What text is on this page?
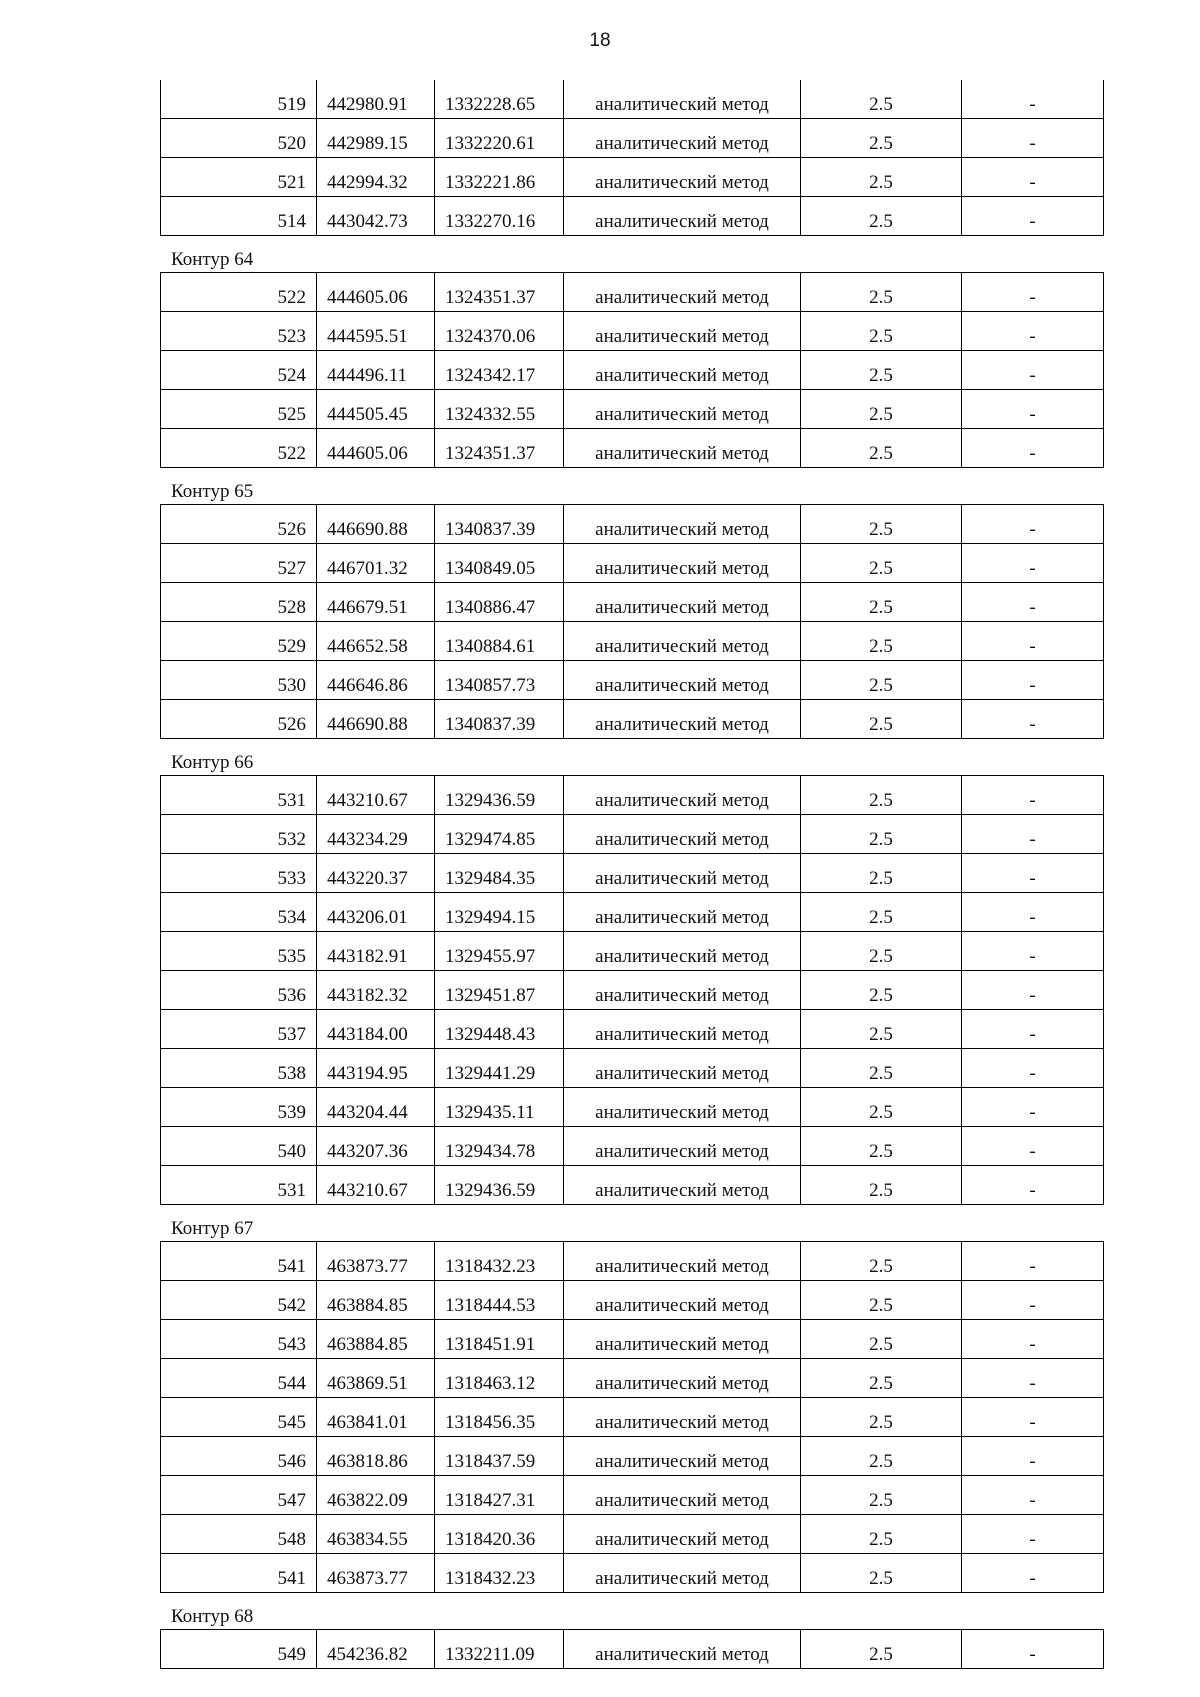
18
519	442980.91	1332228.65	аналитический метод	2.5	-
520	442989.15	1332220.61	аналитический метод	2.5	-
521	442994.32	1332221.86	аналитический метод	2.5	-
514	443042.73	1332270.16	аналитический метод	2.5	-
Контур 64
522	444605.06	1324351.37	аналитический метод	2.5	-
523	444595.51	1324370.06	аналитический метод	2.5	-
524	444496.11	1324342.17	аналитический метод	2.5	-
525	444505.45	1324332.55	аналитический метод	2.5	-
522	444605.06	1324351.37	аналитический метод	2.5	-
Контур 65
526	446690.88	1340837.39	аналитический метод	2.5	-
527	446701.32	1340849.05	аналитический метод	2.5	-
528	446679.51	1340886.47	аналитический метод	2.5	-
529	446652.58	1340884.61	аналитический метод	2.5	-
530	446646.86	1340857.73	аналитический метод	2.5	-
526	446690.88	1340837.39	аналитический метод	2.5	-
Контур 66
531	443210.67	1329436.59	аналитический метод	2.5	-
532	443234.29	1329474.85	аналитический метод	2.5	-
533	443220.37	1329484.35	аналитический метод	2.5	-
534	443206.01	1329494.15	аналитический метод	2.5	-
535	443182.91	1329455.97	аналитический метод	2.5	-
536	443182.32	1329451.87	аналитический метод	2.5	-
537	443184.00	1329448.43	аналитический метод	2.5	-
538	443194.95	1329441.29	аналитический метод	2.5	-
539	443204.44	1329435.11	аналитический метод	2.5	-
540	443207.36	1329434.78	аналитический метод	2.5	-
531	443210.67	1329436.59	аналитический метод	2.5	-
Контур 67
541	463873.77	1318432.23	аналитический метод	2.5	-
542	463884.85	1318444.53	аналитический метод	2.5	-
543	463884.85	1318451.91	аналитический метод	2.5	-
544	463869.51	1318463.12	аналитический метод	2.5	-
545	463841.01	1318456.35	аналитический метод	2.5	-
546	463818.86	1318437.59	аналитический метод	2.5	-
547	463822.09	1318427.31	аналитический метод	2.5	-
548	463834.55	1318420.36	аналитический метод	2.5	-
541	463873.77	1318432.23	аналитический метод	2.5	-
Контур 68
549	454236.82	1332211.09	аналитический метод	2.5	-
